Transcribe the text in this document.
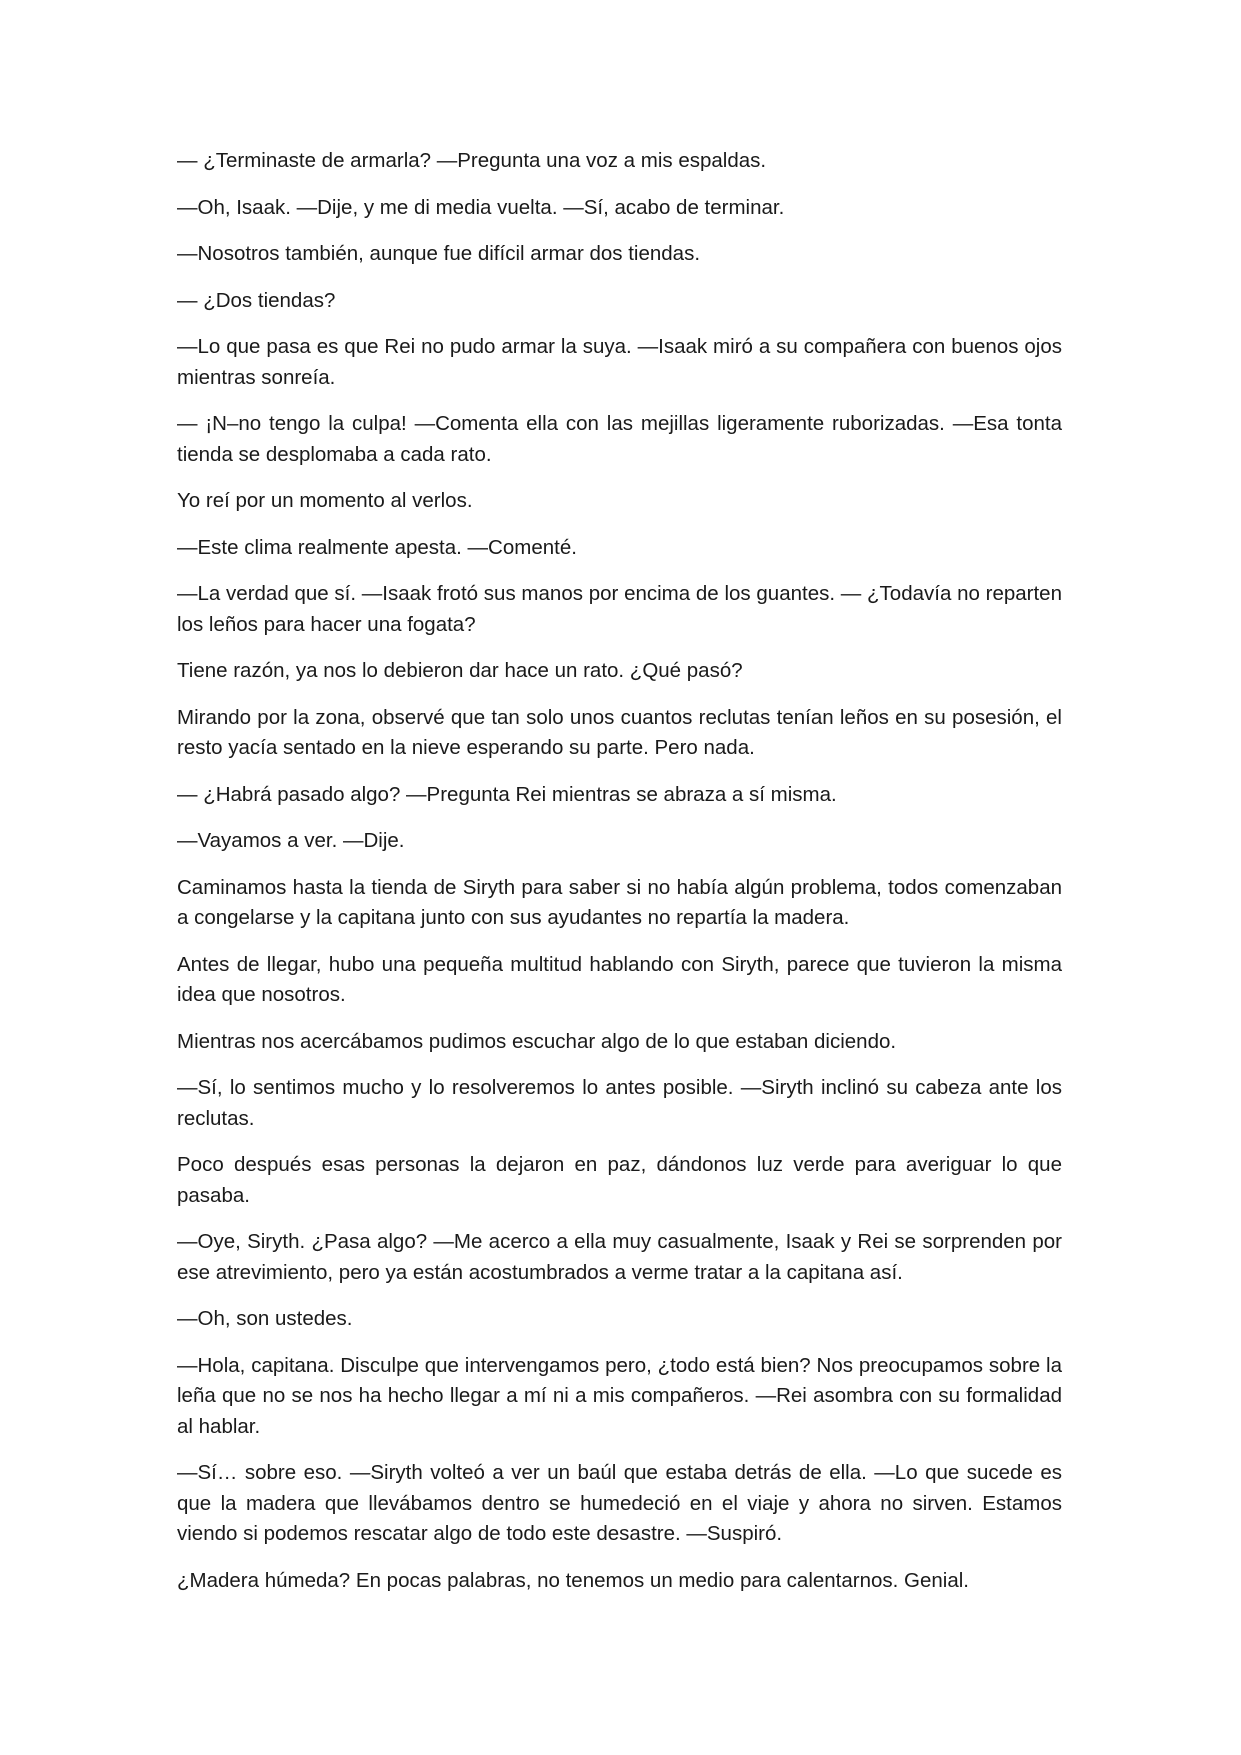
— ¿Terminaste de armarla? —Pregunta una voz a mis espaldas.

—Oh, Isaak. —Dije, y me di media vuelta. —Sí, acabo de terminar.

—Nosotros también, aunque fue difícil armar dos tiendas.

— ¿Dos tiendas?

—Lo que pasa es que Rei no pudo armar la suya. —Isaak miró a su compañera con buenos ojos mientras sonreía.

— ¡N–no tengo la culpa! —Comenta ella con las mejillas ligeramente ruborizadas. —Esa tonta tienda se desplomaba a cada rato.

Yo reí por un momento al verlos.

—Este clima realmente apesta. —Comenté.

—La verdad que sí. —Isaak frotó sus manos por encima de los guantes. — ¿Todavía no reparten los leños para hacer una fogata?

Tiene razón, ya nos lo debieron dar hace un rato. ¿Qué pasó?

Mirando por la zona, observé que tan solo unos cuantos reclutas tenían leños en su posesión, el resto yacía sentado en la nieve esperando su parte. Pero nada.

— ¿Habrá pasado algo? —Pregunta Rei mientras se abraza a sí misma.

—Vayamos a ver. —Dije.

Caminamos hasta la tienda de Siryth para saber si no había algún problema, todos comenzaban a congelarse y la capitana junto con sus ayudantes no repartía la madera.

Antes de llegar, hubo una pequeña multitud hablando con Siryth, parece que tuvieron la misma idea que nosotros.

Mientras nos acercábamos pudimos escuchar algo de lo que estaban diciendo.

—Sí, lo sentimos mucho y lo resolveremos lo antes posible. —Siryth inclinó su cabeza ante los reclutas.

Poco después esas personas la dejaron en paz, dándonos luz verde para averiguar lo que pasaba.

—Oye, Siryth. ¿Pasa algo? —Me acerco a ella muy casualmente, Isaak y Rei se sorprenden por ese atrevimiento, pero ya están acostumbrados a verme tratar a la capitana así.

—Oh, son ustedes.

—Hola, capitana. Disculpe que intervengamos pero, ¿todo está bien? Nos preocupamos sobre la leña que no se nos ha hecho llegar a mí ni a mis compañeros. —Rei asombra con su formalidad al hablar.

—Sí… sobre eso. —Siryth volteó a ver un baúl que estaba detrás de ella. —Lo que sucede es que la madera que llevábamos dentro se humedeció en el viaje y ahora no sirven. Estamos viendo si podemos rescatar algo de todo este desastre. —Suspiró.

¿Madera húmeda? En pocas palabras, no tenemos un medio para calentarnos. Genial.
